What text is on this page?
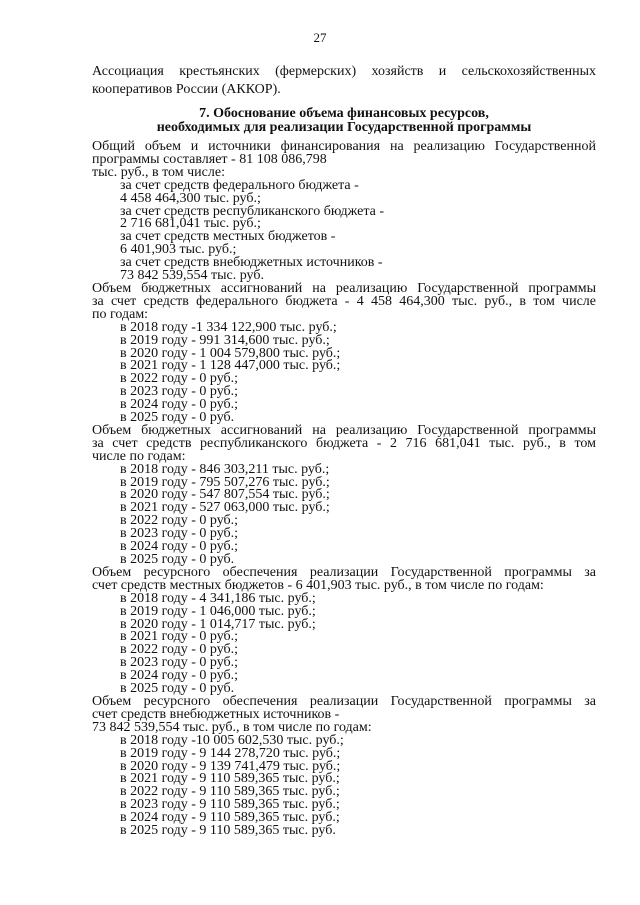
27
Ассоциация крестьянских (фермерских) хозяйств и сельскохозяйственных
кооперативов России (АККОР).
7. Обоснование объема финансовых ресурсов,
необходимых для реализации Государственной программы
Общий объем и источники финансирования на реализацию Государственной
программы составляет - 81 108 086,798
тыс. руб., в том числе:
за счет средств федерального бюджета -
4 458 464,300 тыс. руб.;
за счет средств республиканского бюджета -
2 716 681,041 тыс. руб.;
за счет средств местных бюджетов -
6 401,903 тыс. руб.;
за счет средств внебюджетных источников -
73 842 539,554 тыс. руб.
Объем бюджетных ассигнований на реализацию Государственной программы
за счет средств федерального бюджета - 4 458 464,300 тыс. руб., в том числе
по годам:
в 2018 году -1 334 122,900 тыс. руб.;
в 2019 году - 991 314,600 тыс. руб.;
в 2020 году - 1 004 579,800 тыс. руб.;
в 2021 году - 1 128 447,000 тыс. руб.;
в 2022 году - 0 руб.;
в 2023 году - 0 руб.;
в 2024 году - 0 руб.;
в 2025 году - 0 руб.
Объем бюджетных ассигнований на реализацию Государственной программы
за счет средств республиканского бюджета - 2 716 681,041 тыс. руб., в том
числе по годам:
в 2018 году - 846 303,211 тыс. руб.;
в 2019 году - 795 507,276 тыс. руб.;
в 2020 году - 547 807,554 тыс. руб.;
в 2021 году - 527 063,000 тыс. руб.;
в 2022 году - 0 руб.;
в 2023 году - 0 руб.;
в 2024 году - 0 руб.;
в 2025 году - 0 руб.
Объем ресурсного обеспечения реализации Государственной программы за
счет средств местных бюджетов - 6 401,903 тыс. руб., в том числе по годам:
в 2018 году - 4 341,186 тыс. руб.;
в 2019 году - 1 046,000 тыс. руб.;
в 2020 году - 1 014,717 тыс. руб.;
в 2021 году - 0 руб.;
в 2022 году - 0 руб.;
в 2023 году - 0 руб.;
в 2024 году - 0 руб.;
в 2025 году - 0 руб.
Объем ресурсного обеспечения реализации Государственной программы за
счет средств внебюджетных источников -
73 842 539,554 тыс. руб., в том числе по годам:
в 2018 году -10 005 602,530 тыс. руб.;
в 2019 году - 9 144 278,720 тыс. руб.;
в 2020 году - 9 139 741,479 тыс. руб.;
в 2021 году - 9 110 589,365 тыс. руб.;
в 2022 году - 9 110 589,365 тыс. руб.;
в 2023 году - 9 110 589,365 тыс. руб.;
в 2024 году - 9 110 589,365 тыс. руб.;
в 2025 году - 9 110 589,365 тыс. руб.
